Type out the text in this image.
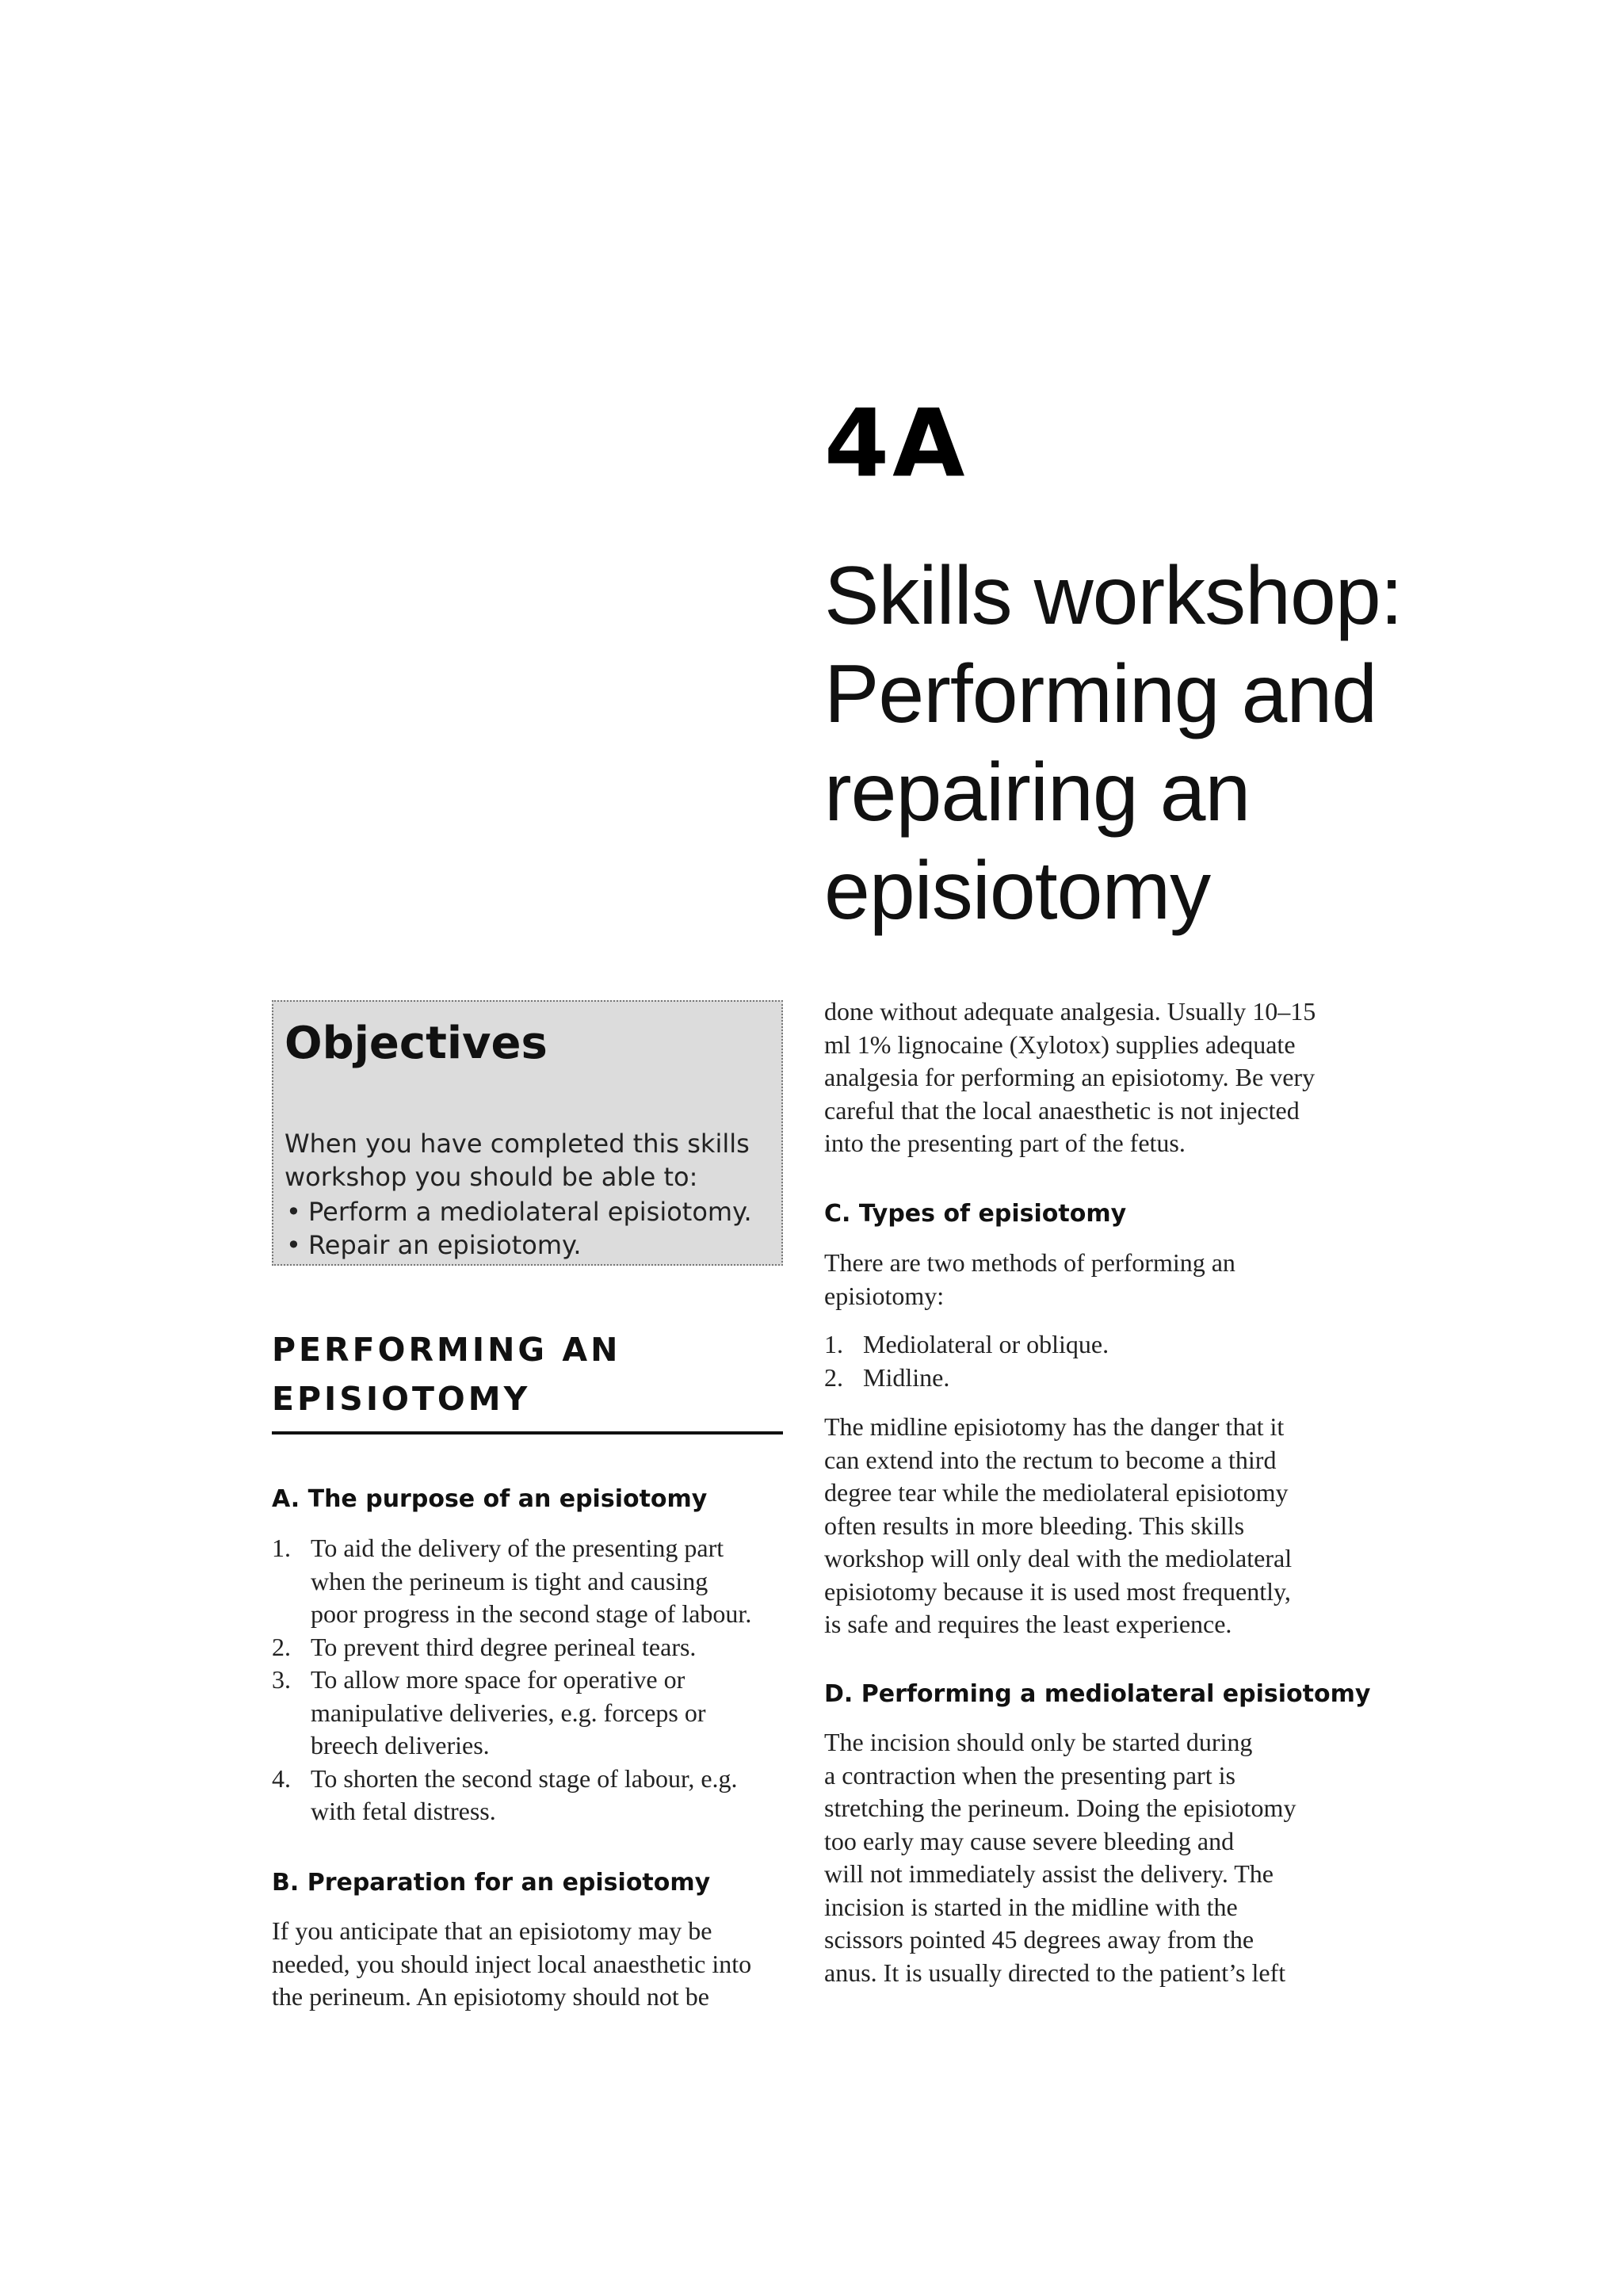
4A
Skills workshop:
Performing and
repairing an
episiotomy
Objectives
When you have completed this skills
workshop you should be able to:
• Perform a mediolateral episiotomy.
• Repair an episiotomy.
PERFORMING AN
EPISIOTOMY
A. The purpose of an episiotomy
1. To aid the delivery of the presenting part
when the perineum is tight and causing
poor progress in the second stage of labour.
2. To prevent third degree perineal tears.
3. To allow more space for operative or
manipulative deliveries, e.g. forceps or
breech deliveries.
4. To shorten the second stage of labour, e.g.
with fetal distress.
B. Preparation for an episiotomy
If you anticipate that an episiotomy may be
needed, you should inject local anaesthetic into
the perineum. An episiotomy should not be
done without adequate analgesia. Usually 10–15
ml 1% lignocaine (Xylotox) supplies adequate
analgesia for performing an episiotomy. Be very
careful that the local anaesthetic is not injected
into the presenting part of the fetus.
C. Types of episiotomy
There are two methods of performing an
episiotomy:
1. Mediolateral or oblique.
2. Midline.
The midline episiotomy has the danger that it
can extend into the rectum to become a third
degree tear while the mediolateral episiotomy
often results in more bleeding. This skills
workshop will only deal with the mediolateral
episiotomy because it is used most frequently,
is safe and requires the least experience.
D. Performing a mediolateral episiotomy
The incision should only be started during
a contraction when the presenting part is
stretching the perineum. Doing the episiotomy
too early may cause severe bleeding and
will not immediately assist the delivery. The
incision is started in the midline with the
scissors pointed 45 degrees away from the
anus. It is usually directed to the patient’s left
